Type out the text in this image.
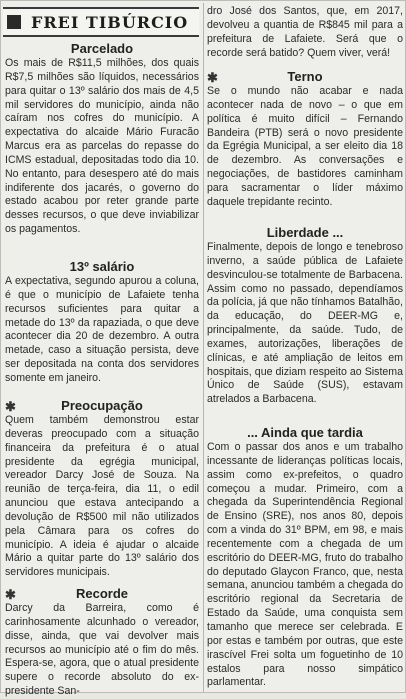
FREI TIBÚRCIO
Parcelado

Os mais de R$11,5 milhões, dos quais R$7,5 milhões são líquidos, necessários para quitar o 13º salário dos mais de 4,5 mil servidores do município, ainda não caíram nos cofres do município. A expectativa do alcaide Mário Furacão Marcus era as parcelas do repasse do ICMS estadual, depositadas todo dia 10. No entanto, para desespero até do mais indiferente dos jacarés, o governo do estado acabou por reter grande parte desses recursos, o que deve inviabilizar os pagamentos.

13º salário

A expectativa, segundo apurou a coluna, é que o município de Lafaiete tenha recursos suficientes para quitar a metade do 13º da rapaziada, o que deve acontecer dia 20 de dezembro. A outra metade, caso a situação persista, deve ser depositada na conta dos servidores somente em janeiro.

✱	Preocupação

Quem também demonstrou estar deveras preocupado com a situação financeira da prefeitura é o atual presidente da egrégia municipal, vereador Darcy José de Souza. Na reunião de terça-feira, dia 11, o edil anunciou que estava antecipando a devolução de R$500 mil não utilizados pela Câmara para os cofres do município. A ideia é ajudar o alcaide Mário a quitar parte do 13º salário dos servidores municipais.

✱	Recorde

Darcy da Barreira, como é carinhosamente alcunhado o vereador, disse, ainda, que vai devolver mais recursos ao município até o fim do mês. Espera-se, agora, que o atual presidente supere o recorde absoluto do ex-presidente San-

dro José dos Santos, que, em 2017, devolveu a quantia de R$845 mil para a prefeitura de Lafaiete. Será que o recorde será batido? Quem viver, verá!

✱	Terno

Se o mundo não acabar e nada acontecer nada de novo – o que em política é muito difícil – Fernando Bandeira (PTB) será o novo presidente da Egrégia Municipal, a ser eleito dia 18 de dezembro. As conversações e negociações, de bastidores caminham para sacramentar o líder máximo daquele trepidante recinto.

Liberdade ...

Finalmente, depois de longo e tenebroso inverno, a saúde pública de Lafaiete desvinculou-se totalmente de Barbacena. Assim como no passado, dependíamos da polícia, já que não tínhamos Batalhão, da educação, do DEER-MG e, principalmente, da saúde. Tudo, de exames, autorizações, liberações de clínicas, e até ampliação de leitos em hospitais, que diziam respeito ao Sistema Único de Saúde (SUS), estavam atrelados a Barbacena.

... Ainda que tardia

Com o passar dos anos e um trabalho incessante de lideranças políticas locais, assim como ex-prefeitos, o quadro começou a mudar. Primeiro, com a chegada da Superintendência Regional de Ensino (SRE), nos anos 80, depois com a vinda do 31º BPM, em 98, e mais recentemente com a chegada de um escritório do DEER-MG, fruto do trabalho do deputado Glaycon Franco, que, nesta semana, anunciou também a chegada do escritório regional da Secretaria de Estado da Saúde, uma conquista sem tamanho que merece ser celebrada. E por estas e também por outras, que este irascível Frei solta um foguetinho de 10 estalos para nosso simpático parlamentar.
